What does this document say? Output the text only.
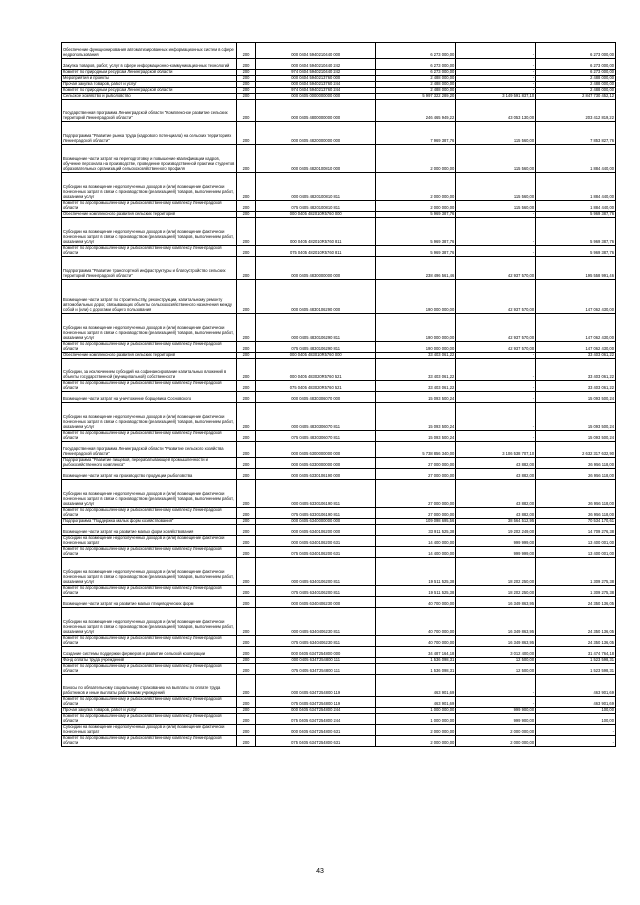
Обеспечение функционирования автоматизированных информационных систем в сфере недропользования	200	000 0404 5940210440 000	6 273 000,00	-	6 273 000,00
Закупка товаров, работ, услуг в сфере информационно-коммуникационных технологий	200	000 0404 5940210440 242	6 273 000,00	-	6 273 000,00
Комитет по природным ресурсам Ленинградской области	200	974 0404 5940210440 242	6 273 000,00	-	6 273 000,00
Мероприятия и проекты	200	000 0404 5940213760 000	2 488 000,00	-	2 488 000,00
Прочая закупка товаров, работ и услуг	200	000 0404 5940213760 244	2 488 000,00	-	2 488 000,00
Комитет по природным ресурсам Ленинградской области	200	974 0404 5940213760 244	2 488 000,00	-	2 488 000,00
Сельское хозяйство и рыболовство	200	000 0405 0000000000 000	5 997 322 289,20	3 149 591 837,10	2 847 730 452,12
Государственная программа Ленинградской области "Комплексное развитие сельских территорий Ленинградской области"	200	000 0405 4800000000 000	246 465 949,22	43 053 130,00	203 412 819,22
Подпрограмма "Развитие рынка труда (кадрового потенциала) на сельских территориях Ленинградской области"	200	000 0405 4820000000 000	7 969 387,76	115 560,00	7 853 827,76
Возмещение части затрат на переподготовку и повышение квалификации кадров, обучение персонала на производстве, проведение производственной практики студентов образовательных организаций сельскохозяйственного профиля	200	000 0405 4820100810 000	2 000 000,00	115 560,00	1 884 440,00
Субсидии на возмещение недополученных доходов и (или) возмещение фактически понесенных затрат в связи с производством (реализацией) товаров, выполнением работ, оказанием услуг	200	000 0405 4820100810 811	2 000 000,00	115 560,00	1 884 440,00
Комитет по агропромышленному и рыбохозяйственному комплексу Ленинградской области	200	075 0405 4820100810 811	2 000 000,00	115 560,00	1 884 440,00
Обеспечение комплексного развития сельских территорий	200	000 0405 482010R5760 000	5 969 387,76	-	5 969 387,76
Субсидии на возмещение недополученных доходов и (или) возмещение фактически понесенных затрат в связи с производством (реализацией) товаров, выполнением работ, оказанием услуг	200	000 0405 482010R5760 811	5 969 387,76	-	5 969 387,76
Комитет по агропромышленному и рыбохозяйственному комплексу Ленинградской области	200	075 0405 482010R5760 811	5 969 387,76	-	5 969 387,76
Подпрограмма "Развитие транспортной инфраструктуры и благоустройство сельских территорий Ленинградской области"	200	000 0405 4830000000 000	238 496 561,46	42 937 570,00	195 558 991,46
Возмещение части затрат по строительству, реконструкции, капитальному ремонту автомобильных дорог, связывающих объекты сельскохозяйственного назначения между собой и (или) с дорогами общего пользования	200	000 0405 4830106290 000	190 000 000,00	42 937 570,00	147 062 430,00
Субсидии на возмещение недополученных доходов и (или) возмещение фактически понесенных затрат в связи с производством (реализацией) товаров, выполнением работ, оказанием услуг	200	000 0405 4830106290 811	190 000 000,00	42 937 570,00	147 062 430,00
Комитет по агропромышленному и рыбохозяйственному комплексу Ленинградской области	200	075 0405 4830106290 811	190 000 000,00	42 937 570,00	147 062 430,00
Обеспечение комплексного развития сельских территорий	200	000 0405 483010R5760 000	33 403 061,22	-	33 403 061,22
Субсидии, за исключением субсидий на софинансирование капитальных вложений в объекты государственной (муниципальной) собственности	200	000 0405 483020R5760 521	33 403 061,22	-	33 403 061,22
Комитет по агропромышленному и рыбохозяйственному комплексу Ленинградской области	200	075 0405 483020R5760 521	33 403 061,22	-	33 403 061,22
Возмещение части затрат на уничтожение борщевика Сосновского	200	000 0405 4830306070 000	15 093 500,24	-	15 093 500,24
Субсидии на возмещение недополученных доходов и (или) возмещение фактически понесенных затрат в связи с производством (реализацией) товаров, выполнением работ, оказанием услуг	200	000 0405 4830306070 811	15 093 500,24	-	15 093 500,24
Комитет по агропромышленному и рыбохозяйственному комплексу Ленинградской области	200	075 0405 4830306070 811	15 093 500,24	-	15 093 500,24
Государственная программа Ленинградской области "Развитие сельского хозяйства Ленинградской области"	200	000 0405 6300000000 000	5 738 856 340,00	3 106 538 707,10	2 632 317 632,90
Подпрограмма "Развитие пищевой, перерабатывающей промышленности и рыбохозяйственного комплекса"	200	000 0405 6330000000 000	27 000 000,00	43 882,00	26 956 118,00
Возмещение части затрат на производство продукции рыболовства	200	000 0405 6330106190 000	27 000 000,00	43 882,00	26 956 118,00
Субсидии на возмещение недополученных доходов и (или) возмещение фактически понесенных затрат в связи с производством (реализацией) товаров, выполнением работ, оказанием услуг	200	000 0405 6330106190 811	27 000 000,00	43 882,00	26 956 118,00
Комитет по агропромышленному и рыбохозяйственному комплексу Ленинградской области	200	075 0405 6330106190 811	27 000 000,00	43 882,00	26 956 118,00
Подпрограмма "Поддержка малых форм хозяйствования"	200	000 0405 6340000000 000	109 098 695,56	38 564 512,95	70 534 170,61
Возмещение части затрат на развитие малых форм хозяйствования	200	000 0405 6340106200 000	33 911 525,38	19 202 249,00	14 709 276,38
Субсидии на возмещение недополученных доходов и (или) возмещение фактически понесенных затрат	200	000 0405 6340106200 631	14 400 000,00	999 999,00	13 400 001,00
Комитет по агропромышленному и рыбохозяйственному комплексу Ленинградской области	200	075 0405 6340106200 631	14 400 000,00	999 999,00	13 400 001,00
Субсидии на возмещение недополученных доходов и (или) возмещение фактически понесенных затрат в связи с производством (реализацией) товаров, выполнением работ, оказанием услуг	200	000 0405 6340106200 811	19 511 525,38	18 202 250,00	1 309 275,38
Комитет по агропромышленному и рыбохозяйственному комплексу Ленинградской области	200	075 0405 6340106200 811	19 511 525,38	18 202 250,00	1 309 275,38
Возмещение части затрат на развитие малых птицеводческих форм	200	000 0405 6340406230 000	40 700 000,00	16 349 863,95	24 350 136,05
Субсидии на возмещение недополученных доходов и (или) возмещение фактически понесенных затрат в связи с производством (реализацией) товаров, выполнением работ, оказанием услуг	200	000 0405 6340406230 811	40 700 000,00	16 349 863,95	24 350 136,05
Комитет по агропромышленному и рыбохозяйственному комплексу Ленинградской области	200	075 0405 6340406230 811	40 700 000,00	16 349 863,95	24 350 136,05
Создание системы поддержки фермеров и развитие сельской кооперации	200	000 0405 634T254800 000	34 487 164,18	3 012 400,00	31 474 764,18
Фонд оплаты труда учреждений	200	000 0405 634T254800 111	1 536 098,31	12 500,00	1 523 598,31
Комитет по агропромышленному и рыбохозяйственному комплексу Ленинградской области	200	075 0405 634T254800 111	1 536 098,31	12 500,00	1 523 598,31
Взносы по обязательному социальному страхованию на выплаты по оплате труда работников и иные выплаты работникам учреждений	200	000 0405 634T254800 119	463 901,69	-	463 901,69
Комитет по агропромышленному и рыбохозяйственному комплексу Ленинградской области	200	075 0405 634T254800 119	463 901,69	-	463 901,69
Прочая закупка товаров, работ и услуг	200	000 0405 634T254800 244	1 000 000,00	999 900,00	100,00
Комитет по агропромышленному и рыбохозяйственному комплексу Ленинградской области	200	075 0405 634T254800 244	1 000 000,00	999 900,00	100,00
Субсидии на возмещение недополученных доходов и (или) возмещение фактически понесенных затрат	200	000 0405 634T254800 631	2 000 000,00	2 000 000,00	-
Комитет по агропромышленному и рыбохозяйственному комплексу Ленинградской области	200	075 0405 634T254800 631	2 000 000,00	2 000 000,00	-
43
